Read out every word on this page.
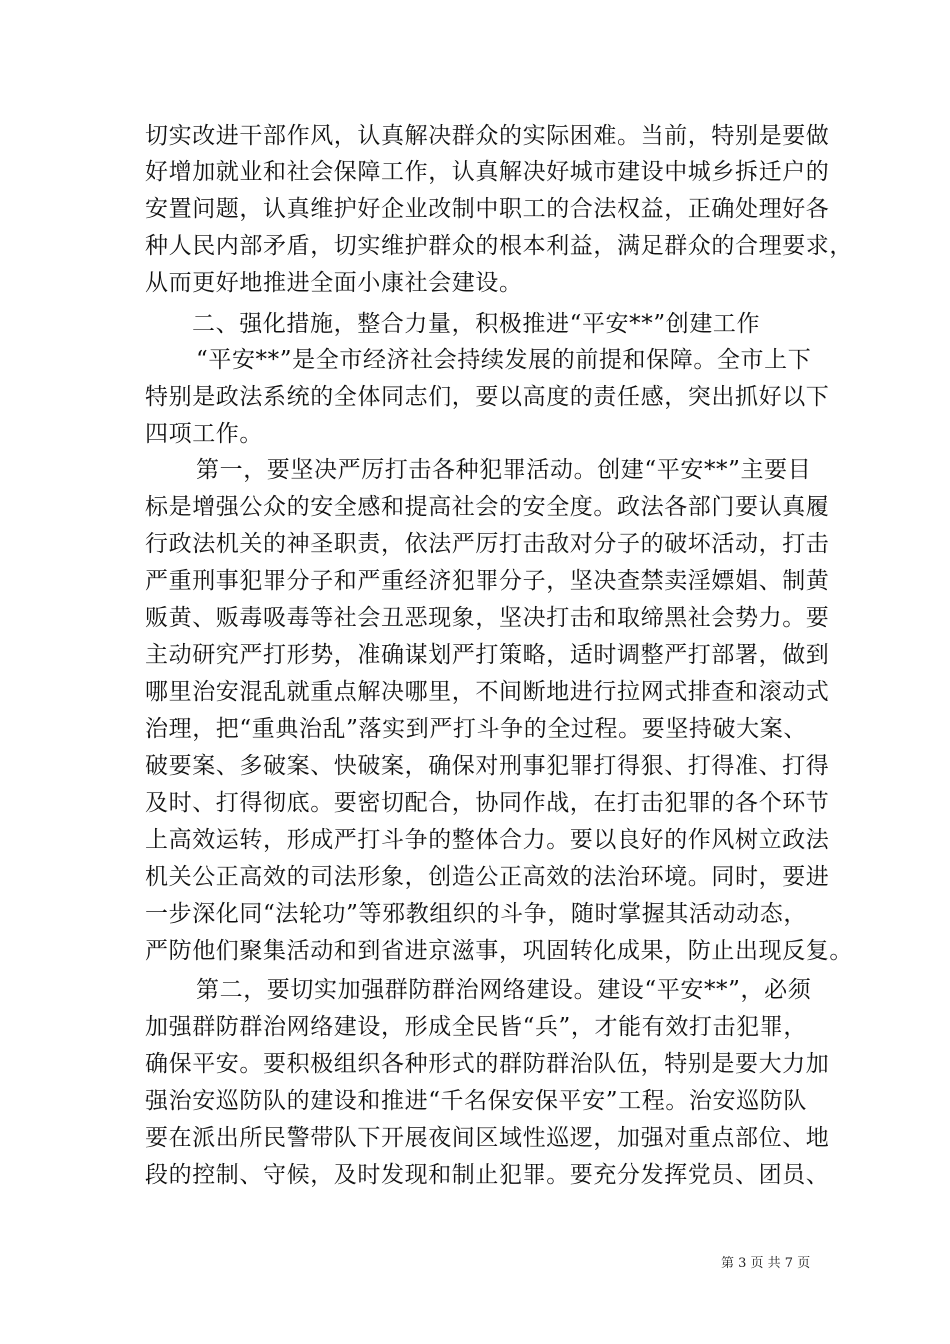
切实改进干部作风，认真解决群众的实际困难。当前，特别是要做
好增加就业和社会保障工作，认真解决好城市建设中城乡拆迁户的
安置问题，认真维护好企业改制中职工的合法权益，正确处理好各
种人民内部矛盾，切实维护群众的根本利益，满足群众的合理要求，
从而更好地推进全面小康社会建设。
二、强化措施，整合力量，积极推进“平安**”创建工作
“平安**”是全市经济社会持续发展的前提和保障。全市上下
特别是政法系统的全体同志们，要以高度的责任感，突出抓好以下
四项工作。
第一，要坚决严厉打击各种犯罪活动。创建“平安**”主要目
标是增强公众的安全感和提高社会的安全度。政法各部门要认真履
行政法机关的神圣职责，依法严厉打击敌对分子的破坏活动，打击
严重刑事犯罪分子和严重经济犯罪分子，坚决查禁卖淫嫖娼、制黄
贩黄、贩毒吸毒等社会丑恶现象，坚决打击和取缔黑社会势力。要
主动研究严打形势，准确谋划严打策略，适时调整严打部署，做到
哪里治安混乱就重点解决哪里，不间断地进行拉网式排查和滚动式
治理，把“重典治乱”落实到严打斗争的全过程。要坚持破大案、
破要案、多破案、快破案，确保对刑事犯罪打得狠、打得准、打得
及时、打得彻底。要密切配合，协同作战，在打击犯罪的各个环节
上高效运转，形成严打斗争的整体合力。要以良好的作风树立政法
机关公正高效的司法形象，创造公正高效的法治环境。同时，要进
一步深化同“法轮功”等邪教组织的斗争，随时掌握其活动动态，
严防他们聚集活动和到省进京滋事，巩固转化成果，防止出现反复。
第二，要切实加强群防群治网络建设。建设“平安**”，必须
加强群防群治网络建设，形成全民皆“兵”，才能有效打击犯罪，
确保平安。要积极组织各种形式的群防群治队伍，特别是要大力加
强治安巡防队的建设和推进“千名保安保平安”工程。治安巡防队
要在派出所民警带队下开展夜间区域性巡逻，加强对重点部位、地
段的控制、守候，及时发现和制止犯罪。要充分发挥党员、团员、
第 3 页 共 7 页
